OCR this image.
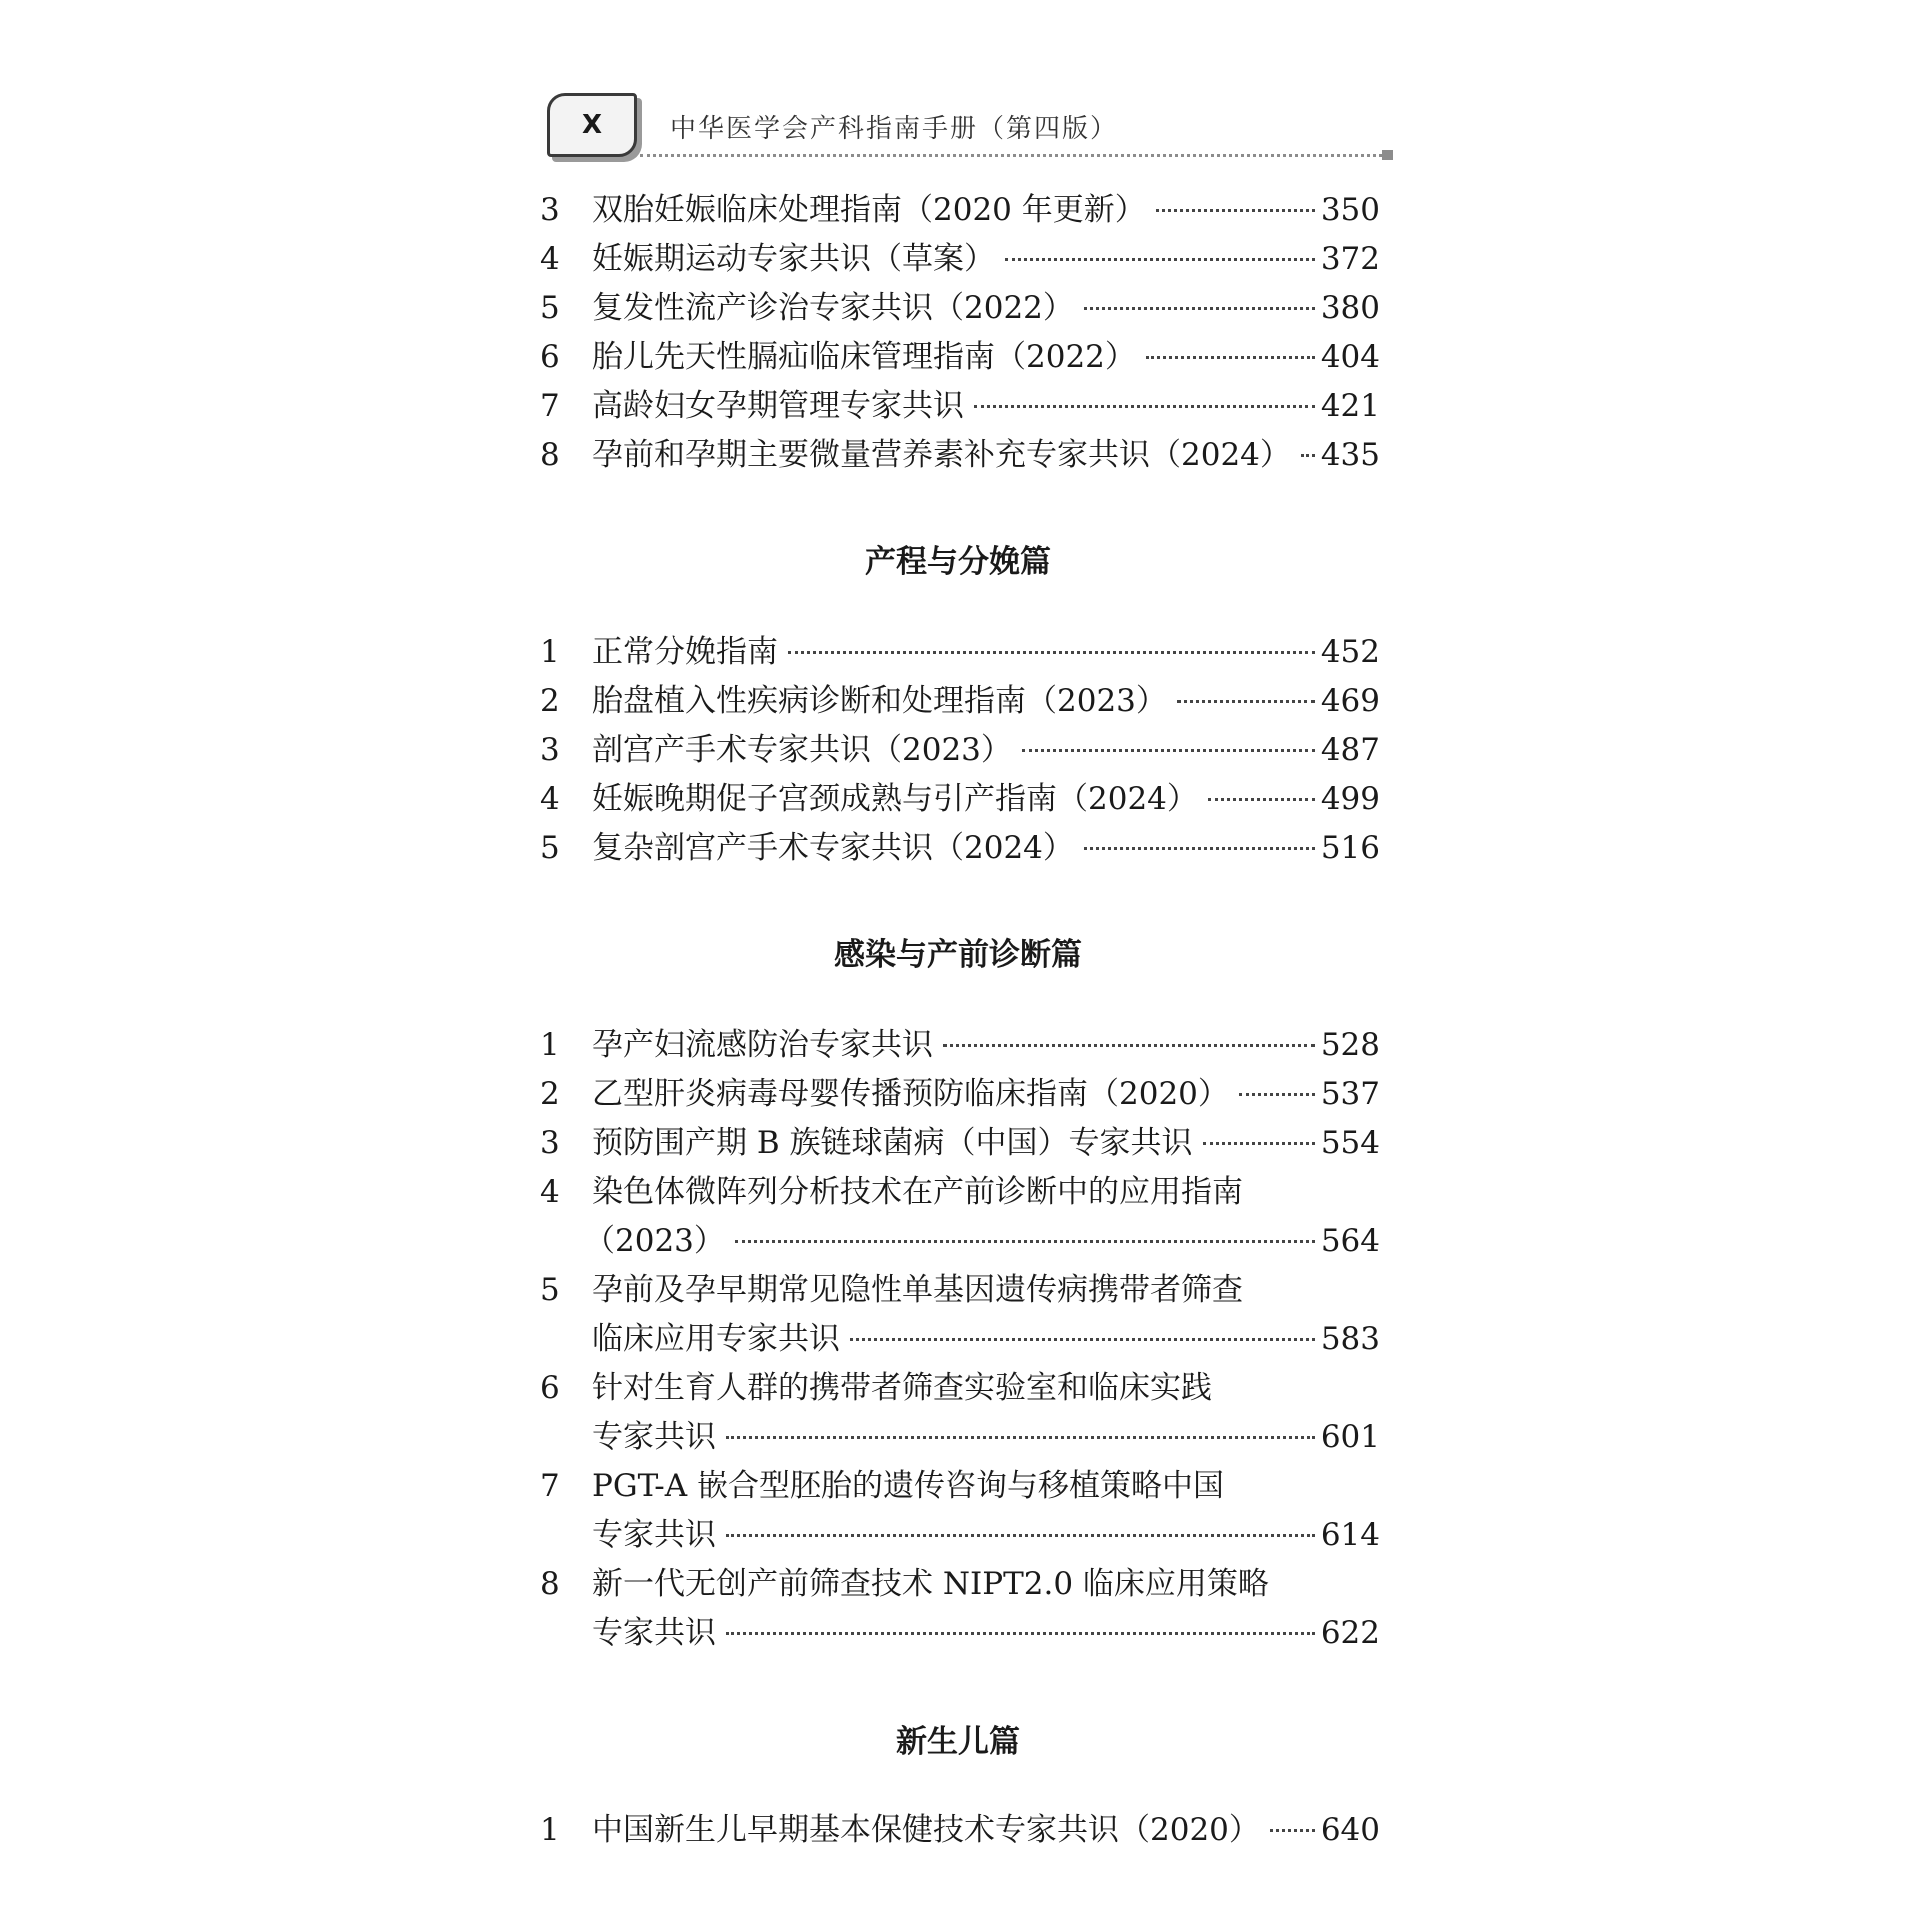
X	中华医学会产科指南手册（第四版）
3	双胎妊娠临床处理指南（2020 年更新）	350
4	妊娠期运动专家共识（草案）	372
5	复发性流产诊治专家共识（2022）	380
6	胎儿先天性膈疝临床管理指南（2022）	404
7	高龄妇女孕期管理专家共识	421
8	孕前和孕期主要微量营养素补充专家共识（2024） 435
产程与分娩篇
1	正常分娩指南	452
2	胎盘植入性疾病诊断和处理指南（2023）	469
3	剖宫产手术专家共识（2023）	487
4	妊娠晚期促子宫颈成熟与引产指南（2024）	499
5	复杂剖宫产手术专家共识（2024）	516
感染与产前诊断篇
1	孕产妇流感防治专家共识	528
2	乙型肝炎病毒母婴传播预防临床指南（2020）	537
3	预防围产期 B 族链球菌病（中国）专家共识	554
4	染色体微阵列分析技术在产前诊断中的应用指南
（2023）	564
5	孕前及孕早期常见隐性单基因遗传病携带者筛查
临床应用专家共识	583
6	针对生育人群的携带者筛查实验室和临床实践
专家共识	601
7	PGT-A 嵌合型胚胎的遗传咨询与移植策略中国
专家共识	614
8	新一代无创产前筛查技术 NIPT2.0 临床应用策略
专家共识	622
新生儿篇
1	中国新生儿早期基本保健技术专家共识（2020） 640
